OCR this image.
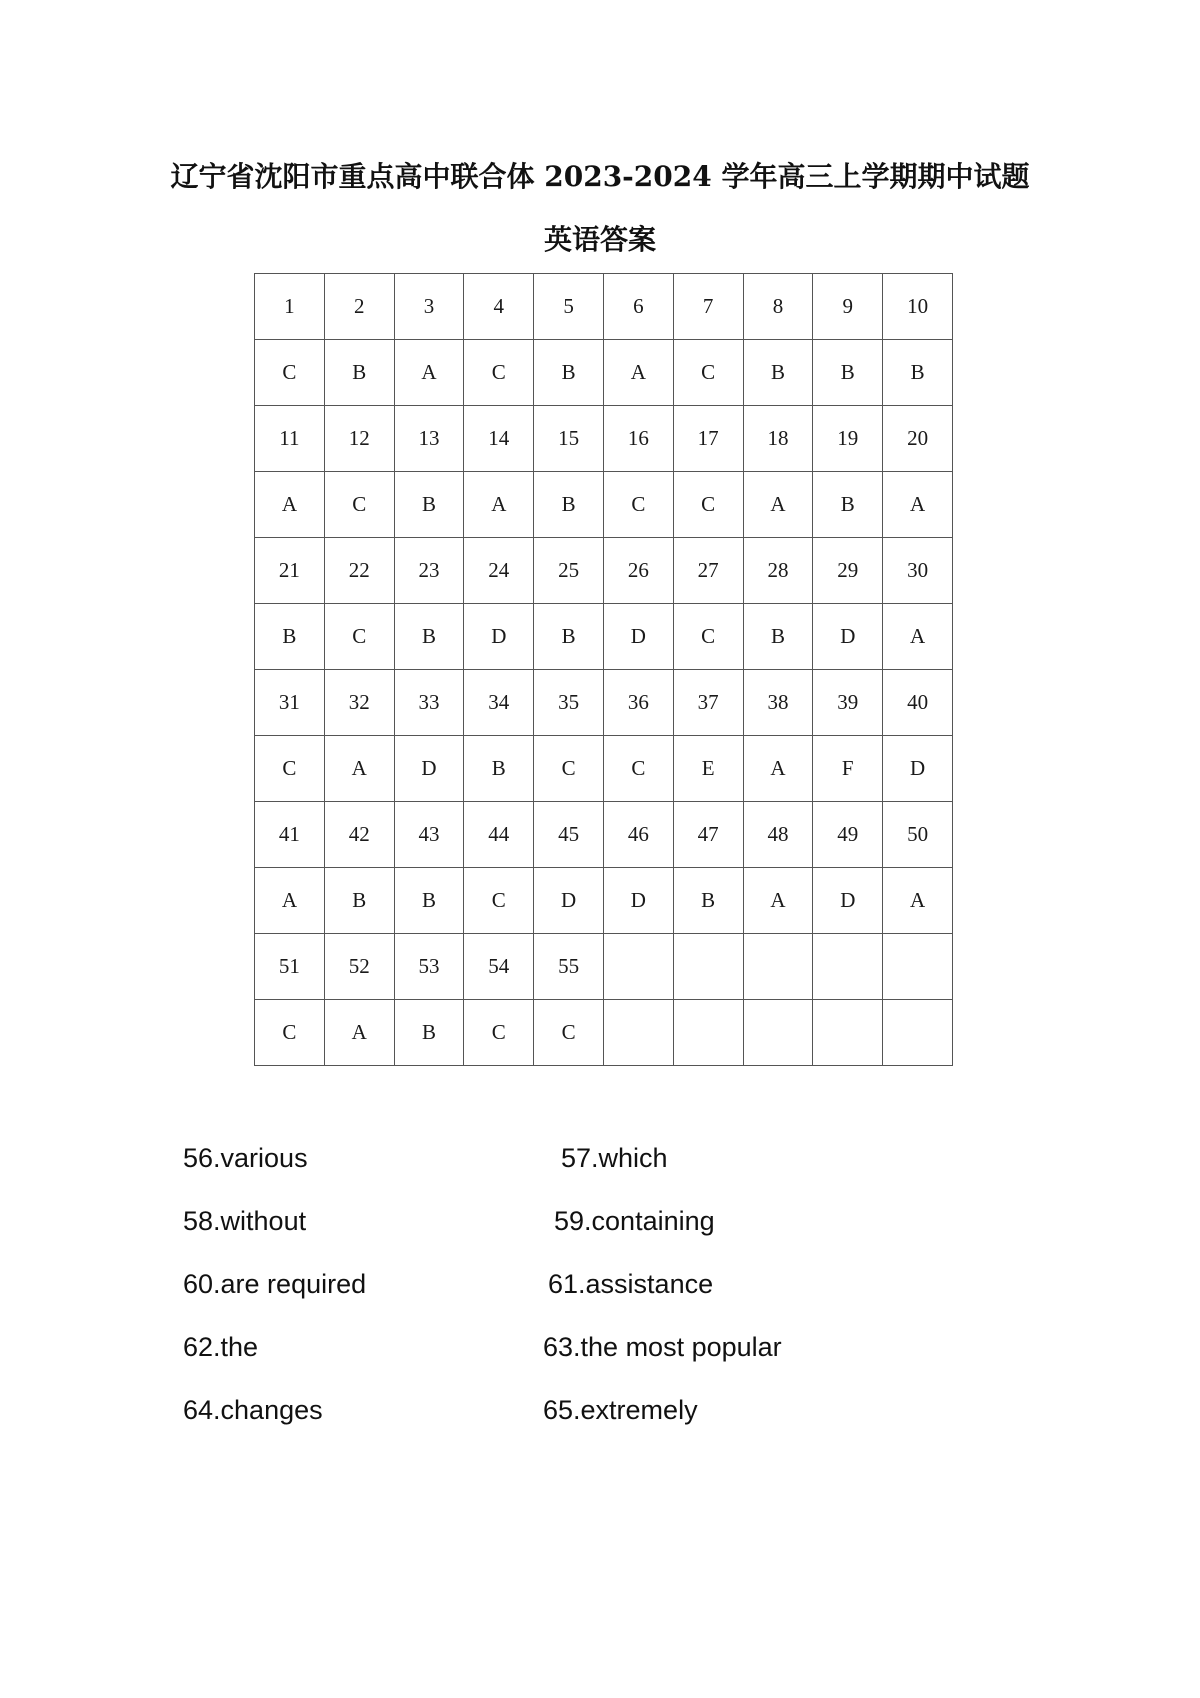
辽宁省沈阳市重点高中联合体 2023-2024 学年高三上学期期中试题
英语答案
1	2	3	4	5	6	7	8	9	10
C	B	A	C	B	A	C	B	B	B
11	12	13	14	15	16	17	18	19	20
A	C	B	A	B	C	C	A	B	A
21	22	23	24	25	26	27	28	29	30
B	C	B	D	B	D	C	B	D	A
31	32	33	34	35	36	37	38	39	40
C	A	D	B	C	C	E	A	F	D
41	42	43	44	45	46	47	48	49	50
A	B	B	C	D	D	B	A	D	A
51	52	53	54	55					
C	A	B	C	C					
56.various	57.which
58.without	59.containing
60.are required	61.assistance
62.the	63.the most popular
64.changes	65.extremely
